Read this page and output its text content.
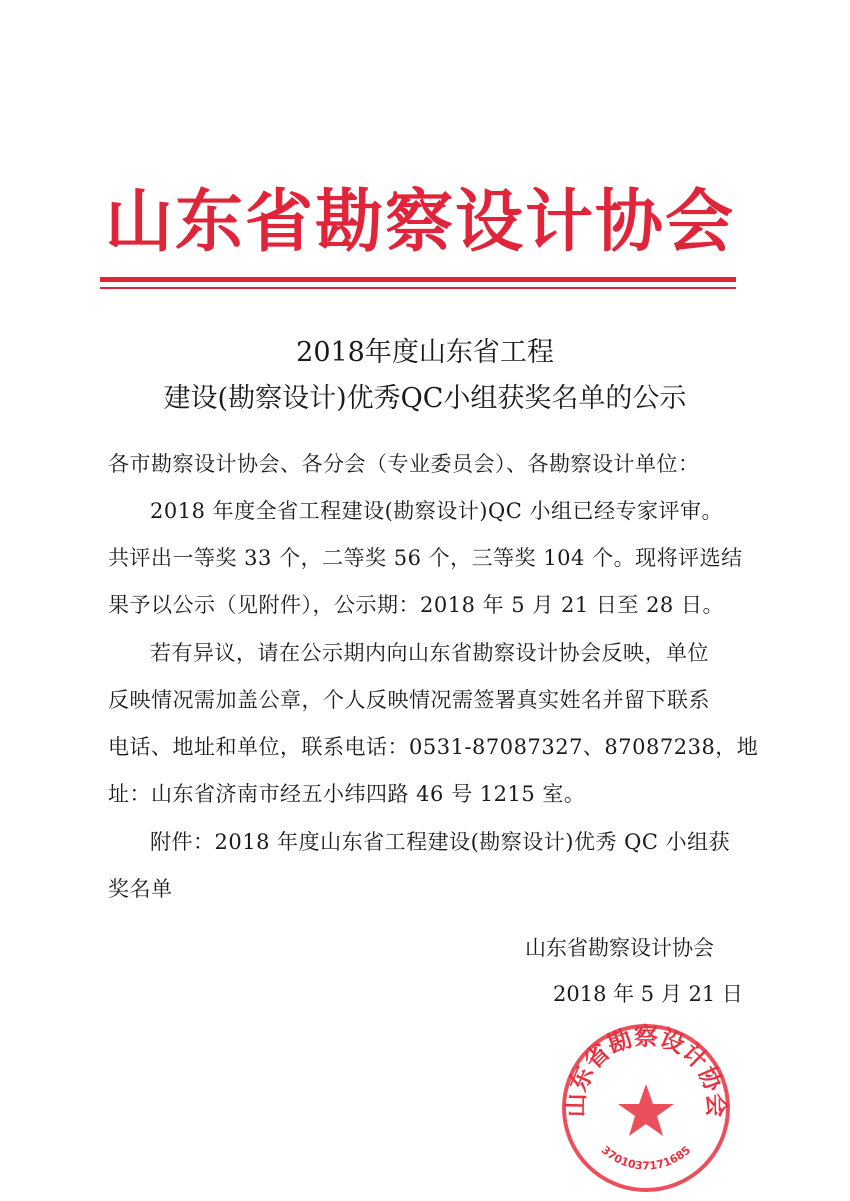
山东省勘察设计协会
2018年度山东省工程
建设(勘察设计)优秀QC小组获奖名单的公示
各市勘察设计协会、各分会（专业委员会）、各勘察设计单位：
2018 年度全省工程建设(勘察设计)QC 小组已经专家评审。
共评出一等奖 33 个，二等奖 56 个，三等奖 104 个。现将评选结
果予以公示（见附件），公示期：2018 年 5 月 21 日至 28 日。
若有异议，请在公示期内向山东省勘察设计协会反映，单位
反映情况需加盖公章，个人反映情况需签署真实姓名并留下联系
电话、地址和单位，联系电话：0531-87087327、87087238，地
址：山东省济南市经五小纬四路 46 号 1215 室。
附件：2018 年度山东省工程建设(勘察设计)优秀 QC 小组获
奖名单
山东省勘察设计协会
2018 年 5 月 21 日
山东省勘察设计协会
3701037171685
